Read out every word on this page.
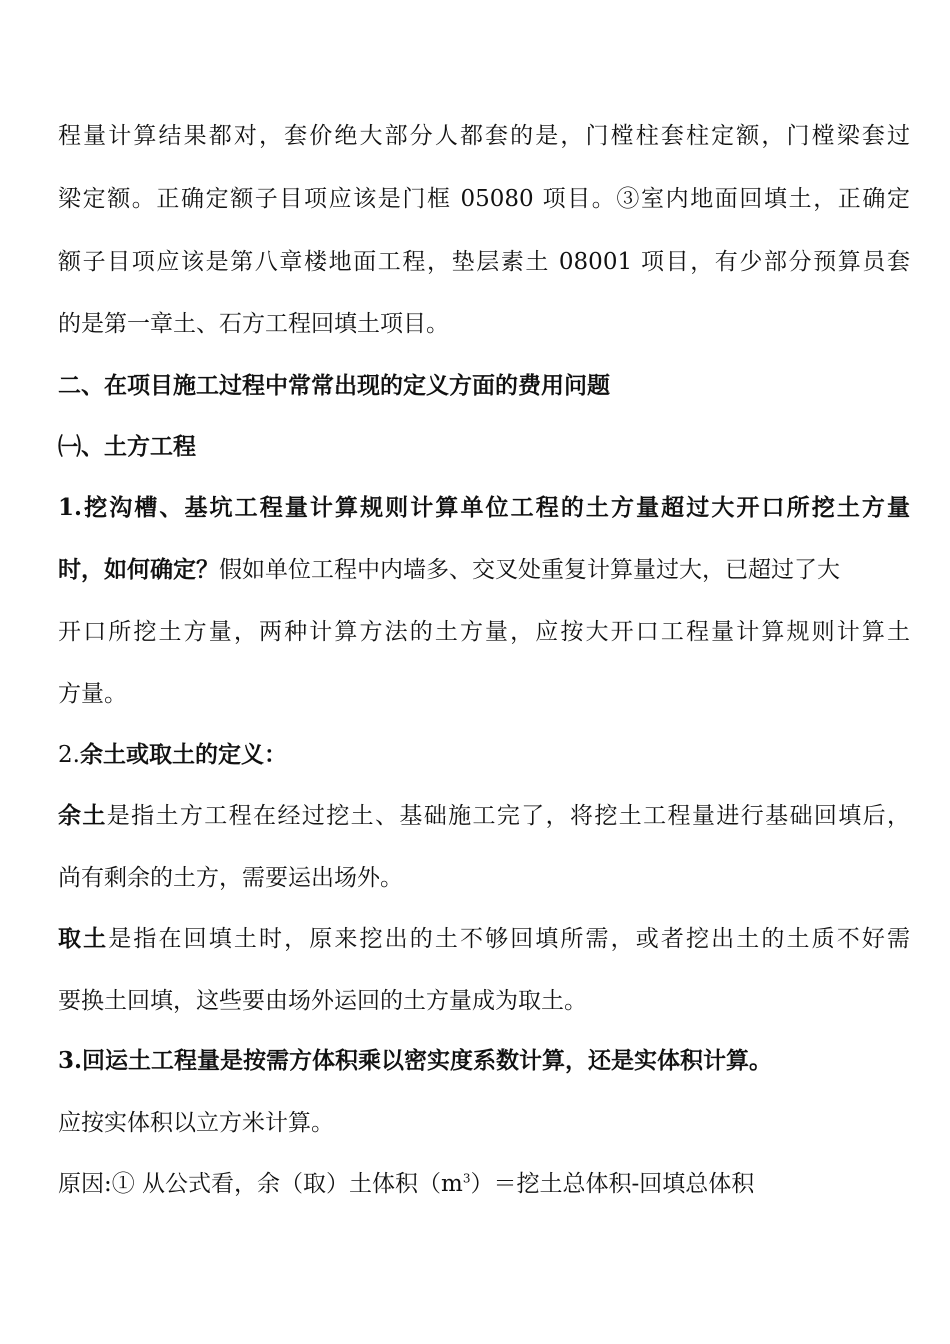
程量计算结果都对，套价绝大部分人都套的是，门樘柱套柱定额，门樘梁套过
梁定额。正确定额子目项应该是门框 05080 项目。③室内地面回填土，正确定
额子目项应该是第八章楼地面工程，垫层素土 08001 项目，有少部分预算员套
的是第一章土、石方工程回填土项目。
二、在项目施工过程中常常出现的定义方面的费用问题
㈠、土方工程
1.挖沟槽、基坑工程量计算规则计算单位工程的土方量超过大开口所挖土方量
时，如何确定？假如单位工程中内墙多、交叉处重复计算量过大，已超过了大
开口所挖土方量，两种计算方法的土方量，应按大开口工程量计算规则计算土
方量。
2.余土或取土的定义：
余土是指土方工程在经过挖土、基础施工完了，将挖土工程量进行基础回填后，
尚有剩余的土方，需要运出场外。
取土是指在回填土时，原来挖出的土不够回填所需，或者挖出土的土质不好需
要换土回填，这些要由场外运回的土方量成为取土。
3.回运土工程量是按需方体积乘以密实度系数计算，还是实体积计算。
应按实体积以立方米计算。
原因:① 从公式看，余（取）土体积$(m^3)=$挖土总体积-回填总体积
